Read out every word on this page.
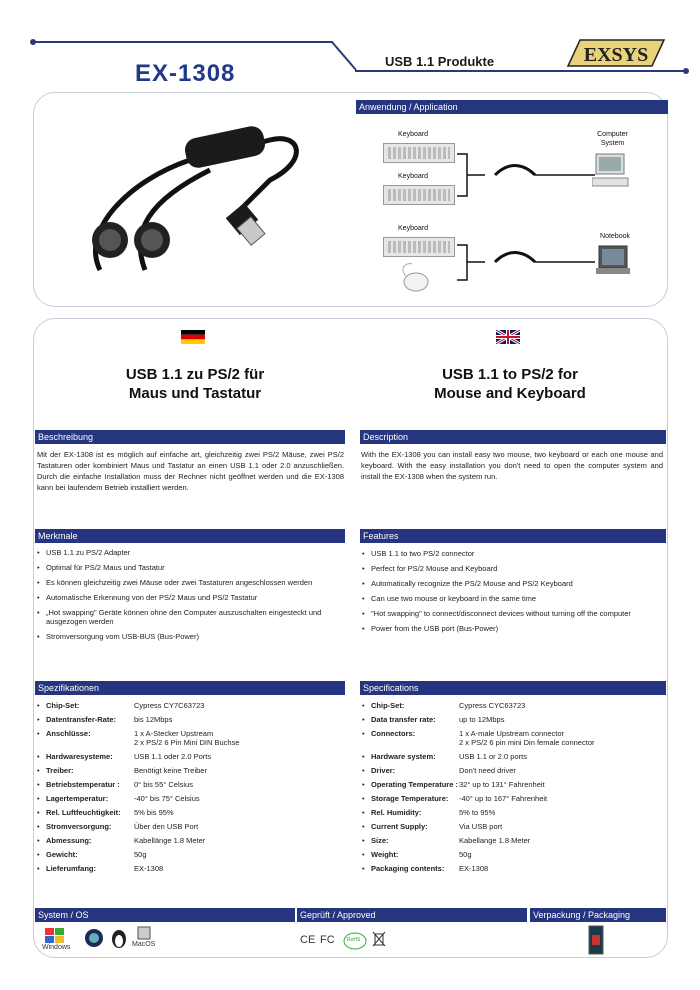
EX-1308	USB 1.1 Produkte	EXSYS
Anwendung / Application
Keyboard
Keyboard
Keyboard
Computer
System
Notebook
USB 1.1 zu PS/2 für
Maus und Tastatur
USB 1.1 to PS/2 for
Mouse and Keyboard
Beschreibung	Description
Mit der EX-1308 ist es möglich auf einfache art, gleichzeitig zwei PS/2 Mäuse, zwei PS/2 Tastaturen oder kombiniert Maus und Tastatur an einen USB 1.1 oder 2.0 anzuschließen. Durch die einfache Installation muss der Rechner nicht geöffnet werden und die EX-1308 kann bei laufendem Betrieb installiert werden.
With the EX-1308 you can install easy two mouse, two keyboard or each one mouse and keyboard. With the easy installation you don't need to open the computer system and install the EX-1308 when the system run.
Merkmale	Features
• USB 1.1 zu PS/2 Adapter
• Optimal für PS/2 Maus und Tastatur
• Es können gleichzeitig zwei Mäuse oder zwei Tastaturen angeschlossen werden
• Automatische Erkennung von der PS/2 Maus und PS/2 Tastatur
• „Hot swapping" Geräte können ohne den Computer auszuschalten eingesteckt und ausgezogen werden
• Stromversorgung vom USB-BUS (Bus-Power)
• USB 1.1 to two PS/2 connector
• Perfect for PS/2 Mouse and Keyboard
• Automatically recognize the PS/2 Mouse and PS/2 Keyboard
• Can use two mouse or keyboard in the same time
• "Hot swapping" to connect/disconnect devices without turning off the computer
• Power from the USB port (Bus-Power)
Spezifikationen	Specifications
• Chip-Set:	Cypress CY7C63723
• Datentransfer-Rate: bis 12Mbps
• Anschlüsse:	1 x A-Stecker Upstream
2 x PS/2 6 Pin Mini DIN Buchse
• Hardwaresysteme:	USB 1.1 oder 2.0 Ports
• Treiber:	Benötigt keine Treiber
• Betriebstemperatur : 0° bis 55° Celsius
• Lagertemperatur:	-40° bis 75° Celsius
• Rel. Luftfeuchtigkeit: 5% bis 95%
• Stromversorgung:	Über den USB Port
• Abmessung:	Kabellänge 1.8 Meter
• Gewicht:	50g
• Lieferumfang:	EX-1308
• Chip-Set:	Cypress CYC63723
• Data transfer rate:	up to 12Mbps
• Connectors:	1 x A-male Upstream connector
2 x PS/2 6 pin mini Din female connector
• Hardware system:	USB 1.1 or 2.0 ports
• Driver:	Don't need driver
• Operating Temperature : 32° up to 131° Fahrenheit
• Storage Temperature: -40° up to 167° Fahrenheit
• Rel. Humidity:	5% to 95%
• Current Supply:	Via USB port
• Size:	Kabellange 1.8 Meter
• Weight:	50g
• Packaging contents: EX-1308
System / OS	Geprüft / Approved	Verpackung / Packaging
Windows	MacOS	CE FC RoHS
